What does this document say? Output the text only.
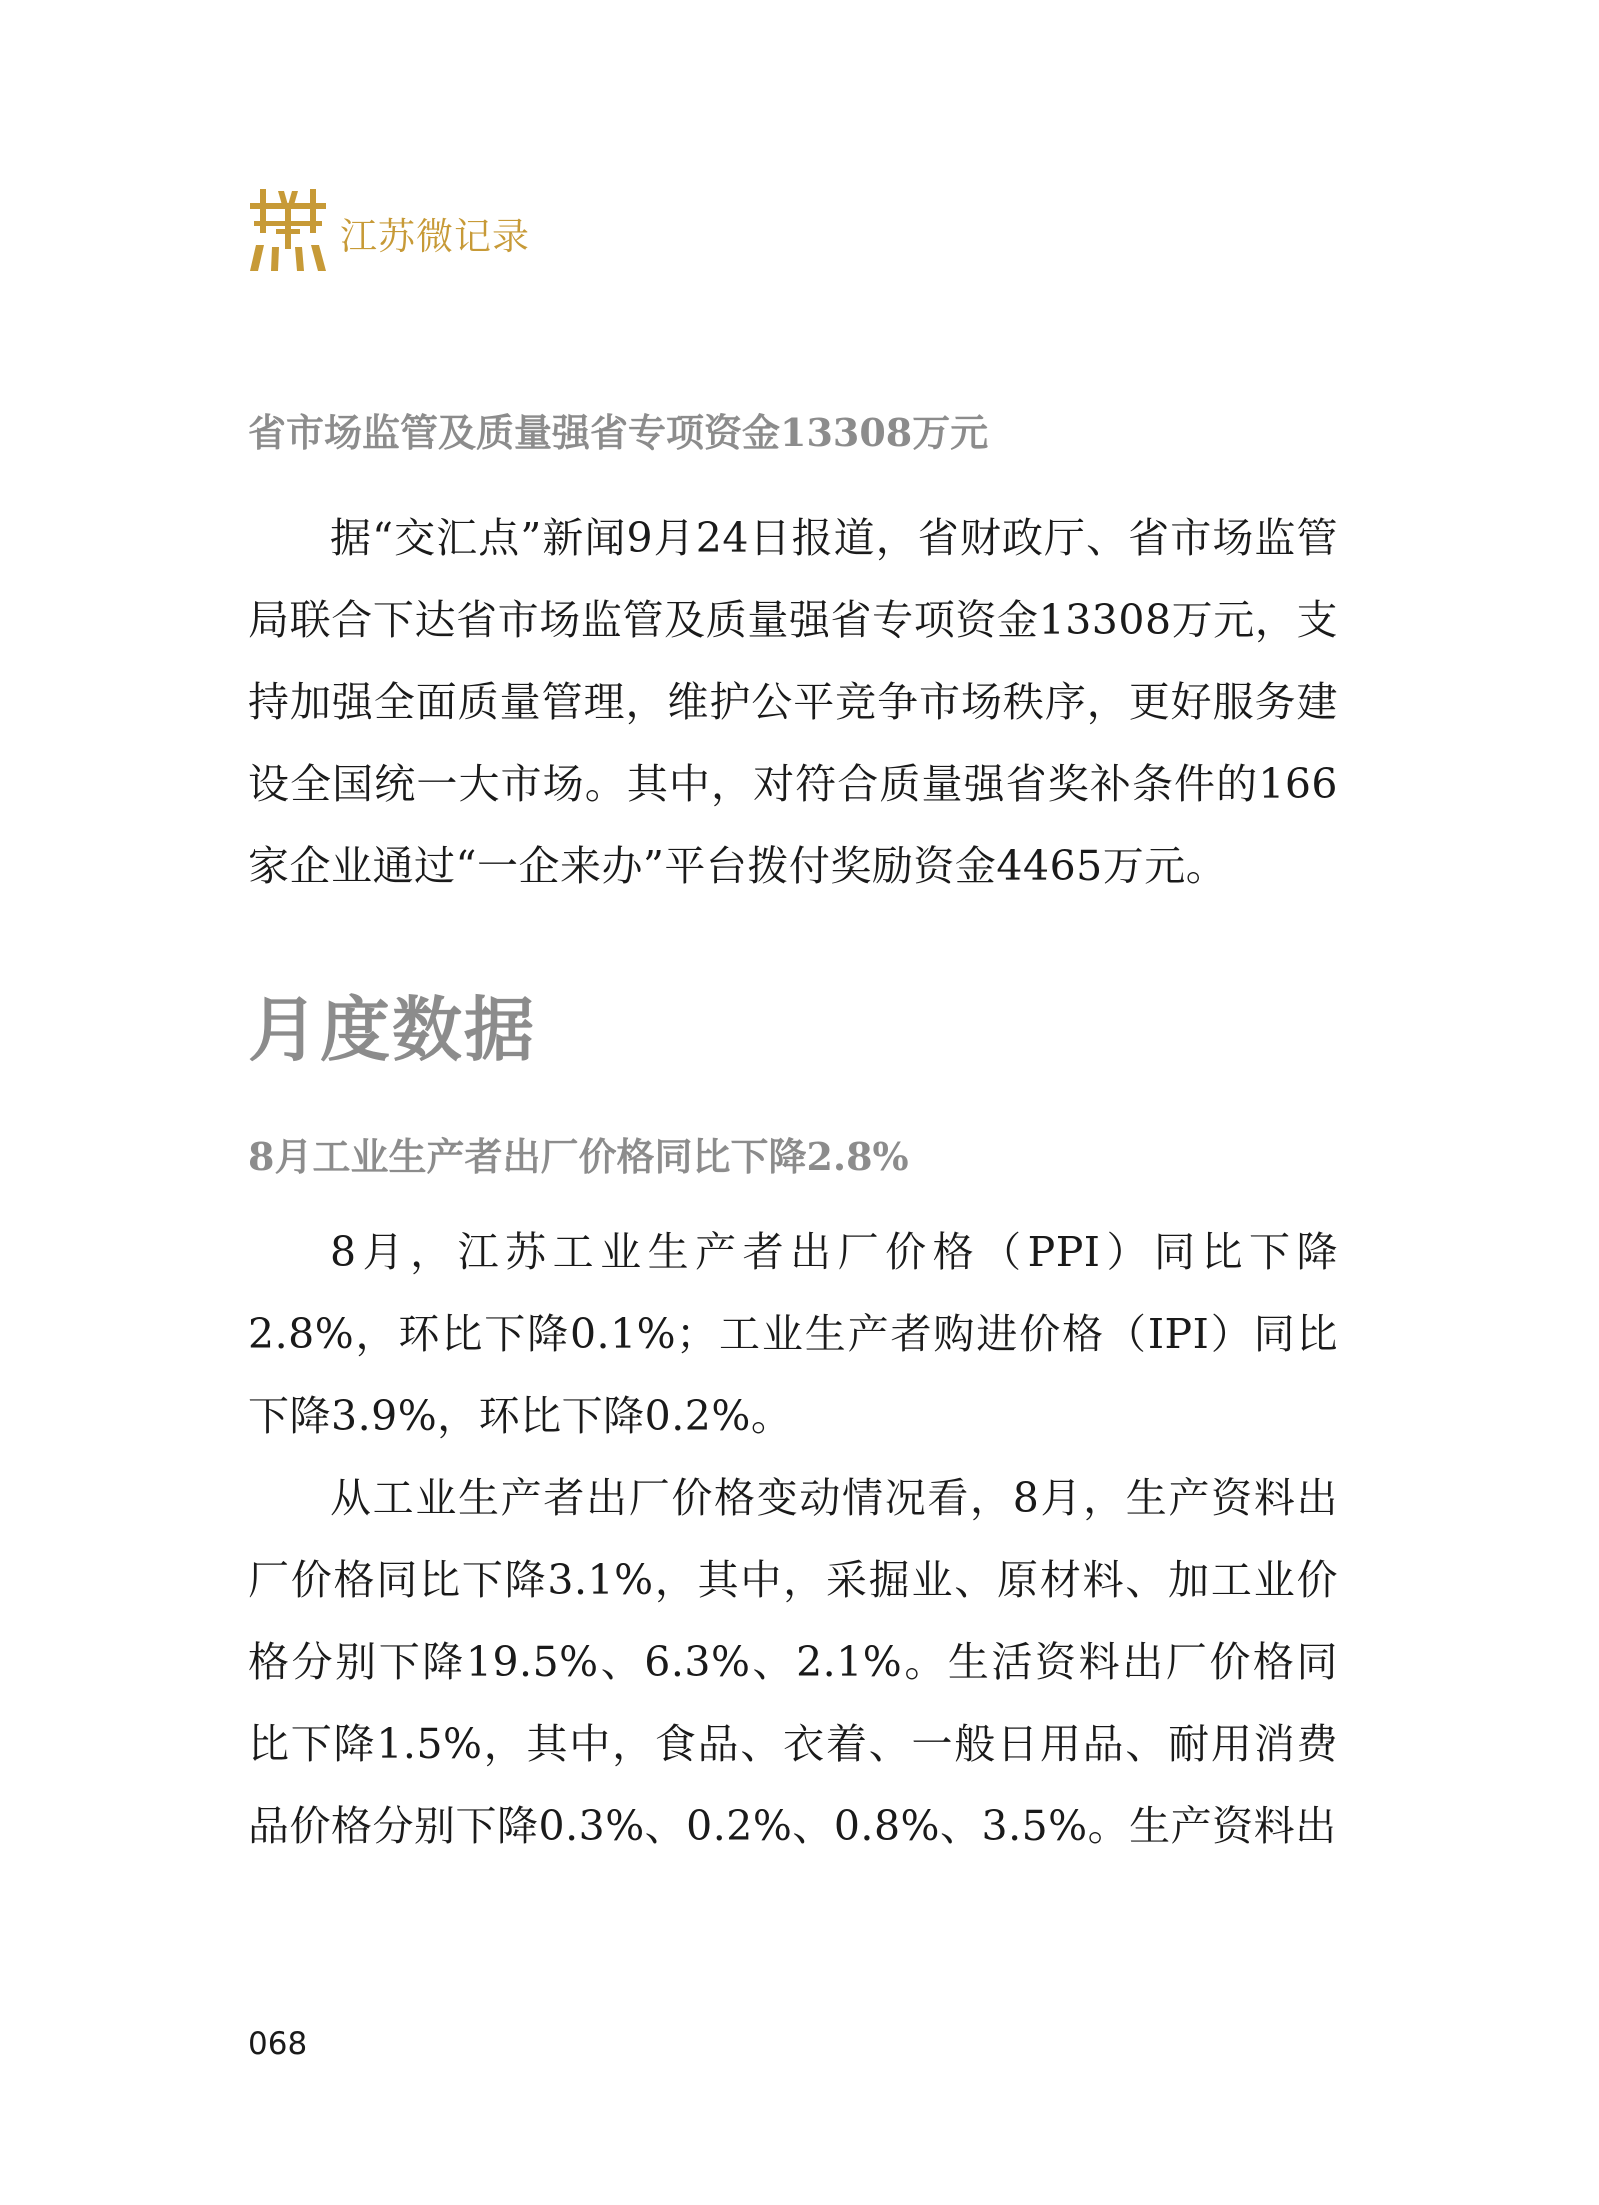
江苏微记录
省市场监管及质量强省专项资金13308万元

据“交汇点”新闻9月24日报道，省财政厅、省市场监管局联合下达省市场监管及质量强省专项资金13308万元，支持加强全面质量管理，维护公平竞争市场秩序，更好服务建设全国统一大市场。其中，对符合质量强省奖补条件的166家企业通过“一企来办”平台拨付奖励资金4465万元。

月度数据
8月工业生产者出厂价格同比下降2.8%

8月，江苏工业生产者出厂价格（PPI）同比下降2.8%，环比下降0.1%；工业生产者购进价格（IPI）同比下降3.9%，环比下降0.2%。

从工业生产者出厂价格变动情况看，8月，生产资料出厂价格同比下降3.1%，其中，采掘业、原材料、加工业价格分别下降19.5%、6.3%、2.1%。生活资料出厂价格同比下降1.5%，其中，食品、衣着、一般日用品、耐用消费品价格分别下降0.3%、0.2%、0.8%、3.5%。生产资料出

068
